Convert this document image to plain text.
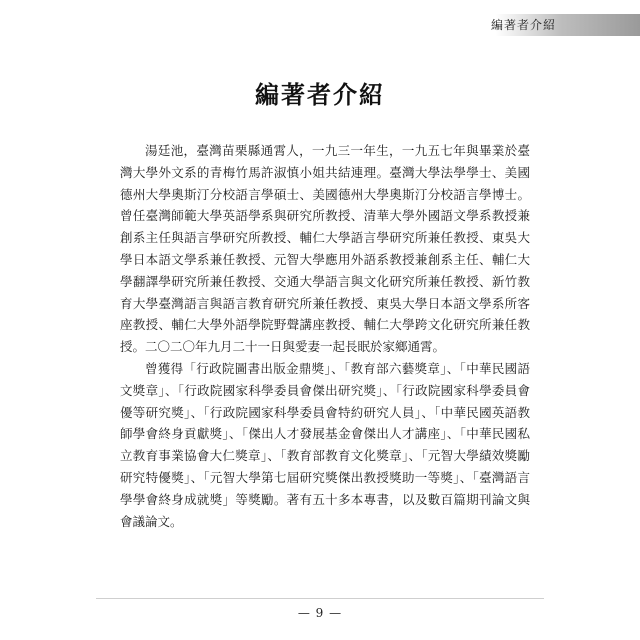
編著者介紹
編著者介紹

湯廷池，臺灣苗栗縣通霄人，一九三一年生，一九五七年與畢業於臺灣大學外文系的青梅竹馬許淑慎小姐共結連理。臺灣大學法學學士、美國德州大學奧斯汀分校語言學碩士、美國德州大學奧斯汀分校語言學博士。曾任臺灣師範大學英語學系與研究所教授、清華大學外國語文學系教授兼創系主任與語言學研究所教授、輔仁大學語言學研究所兼任教授、東吳大學日本語文學系兼任教授、元智大學應用外語系教授兼創系主任、輔仁大學翻譯學研究所兼任教授、交通大學語言與文化研究所兼任教授、新竹教育大學臺灣語言與語言教育研究所兼任教授、東吳大學日本語文學系所客座教授、輔仁大學外語學院野聲講座教授、輔仁大學跨文化研究所兼任教授。二〇二〇年九月二十一日與愛妻一起長眠於家鄉通霄。

曾獲得「行政院圖書出版金鼎獎」、「教育部六藝獎章」、「中華民國語文獎章」、「行政院國家科學委員會傑出研究獎」、「行政院國家科學委員會優等研究獎」、「行政院國家科學委員會特約研究人員」、「中華民國英語教師學會終身貢獻獎」、「傑出人才發展基金會傑出人才講座」、「中華民國私立教育事業協會大仁獎章」、「教育部教育文化獎章」、「元智大學績效獎勵研究特優獎」、「元智大學第七屆研究獎傑出教授獎助一等獎」、「臺灣語言學學會終身成就獎」等獎勵。著有五十多本專書，以及數百篇期刊論文與會議論文。

— 9 —
